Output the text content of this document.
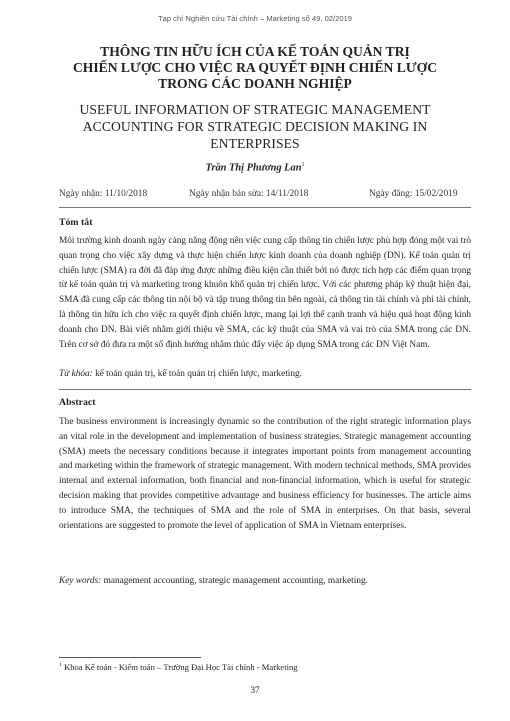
Tạp chí Nghiên cứu Tài chính – Marketing số 49, 02/2019
THÔNG TIN HỮU ÍCH CỦA KẾ TOÁN QUẢN TRỊ
CHIẾN LƯỢC CHO VIỆC RA QUYẾT ĐỊNH CHIẾN LƯỢC
TRONG CÁC DOANH NGHIỆP
USEFUL INFORMATION OF STRATEGIC MANAGEMENT
ACCOUNTING FOR STRATEGIC DECISION MAKING IN
ENTERPRISES
Trần Thị Phương Lan$^1$
Ngày nhận: 11/10/2018	Ngày nhận bản sửa: 14/11/2018	Ngày đăng: 15/02/2019
Tóm tắt

Môi trường kinh doanh ngày càng năng động nên việc cung cấp thông tin chiến lược phù hợp đóng một vai trò quan trọng cho việc xây dựng và thực hiện chiến lược kinh doanh của doanh nghiệp (DN). Kế toán quản trị chiến lược (SMA) ra đời đã đáp ứng được những điều kiện cần thiết bởi nó được tích hợp các điểm quan trọng từ kế toán quản trị và marketing trong khuôn khổ quản trị chiến lược. Với các phương pháp kỹ thuật hiện đại, SMA đã cung cấp các thông tin nội bộ và tập trung thông tin bên ngoài, cả thông tin tài chính và phi tài chính, là thông tin hữu ích cho việc ra quyết định chiến lược, mang lại lợi thế cạnh tranh và hiệu quả hoạt động kinh doanh cho DN. Bài viết nhằm giới thiệu về SMA, các kỹ thuật của SMA và vai trò của SMA trong các DN. Trên cơ sở đó đưa ra một số định hướng nhằm thúc đẩy việc áp dụng SMA trong các DN Việt Nam.

Từ khóa: kế toán quản trị, kế toán quản trị chiến lược, marketing.
Abstract

The business environment is increasingly dynamic so the contribution of the right strategic information plays an vital role in the development and implementation of business strategies. Strategic management accounting (SMA) meets the necessary conditions because it integrates important points from management accounting and marketing within the framework of strategic management. With modern technical methods, SMA provides internal and external information, both financial and non-financial information, which is useful for strategic decision making that provides competitive advantage and business efficiency for businesses. The article aims to introduce SMA, the techniques of SMA and the role of SMA in enterprises. On that basis, several orientations are suggested to promote the level of application of SMA in Vietnam enterprises.

Key words: management accounting, strategic management accounting, marketing.
$^1$ Khoa Kế toán - Kiểm toán – Trường Đại Học Tài chính - Marketing
37
